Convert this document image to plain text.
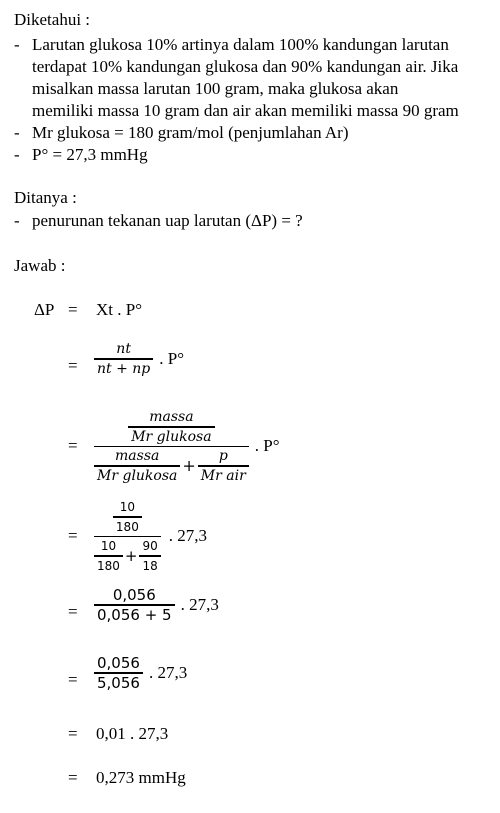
Diketahui :
- Larutan glukosa 10% artinya dalam 100% kandungan larutan
terdapat 10% kandungan glukosa dan 90% kandungan air. Jika
misalkan massa larutan 100 gram, maka glukosa akan
memiliki massa 10 gram dan air akan memiliki massa 90 gram
- Mr glukosa = 180 gram/mol (penjumlahan Ar)
- P° = 27,3 mmHg
Ditanya :
- penurunan tekanan uap larutan (ΔP) = ?
Jawab :
ΔP = Xt . P°
= $\frac{nt}{nt + np}$ . P°
=	$\frac{\text{massa}}{\text{Mr glukosa}}$
$\frac{\text{massa}}{\text{Mr glukosa}} + \frac{p}{\text{Mr air}}$
. P°
=	$\frac{10}{180}$
$\frac{10}{180} + \frac{90}{18}$
. 27,3
= $\frac{0,056}{0,056 + 5}$ . 27,3
= $\frac{0,056}{5,056}$ . 27,3
= 0,01 . 27,3
= 0,273 mmHg
